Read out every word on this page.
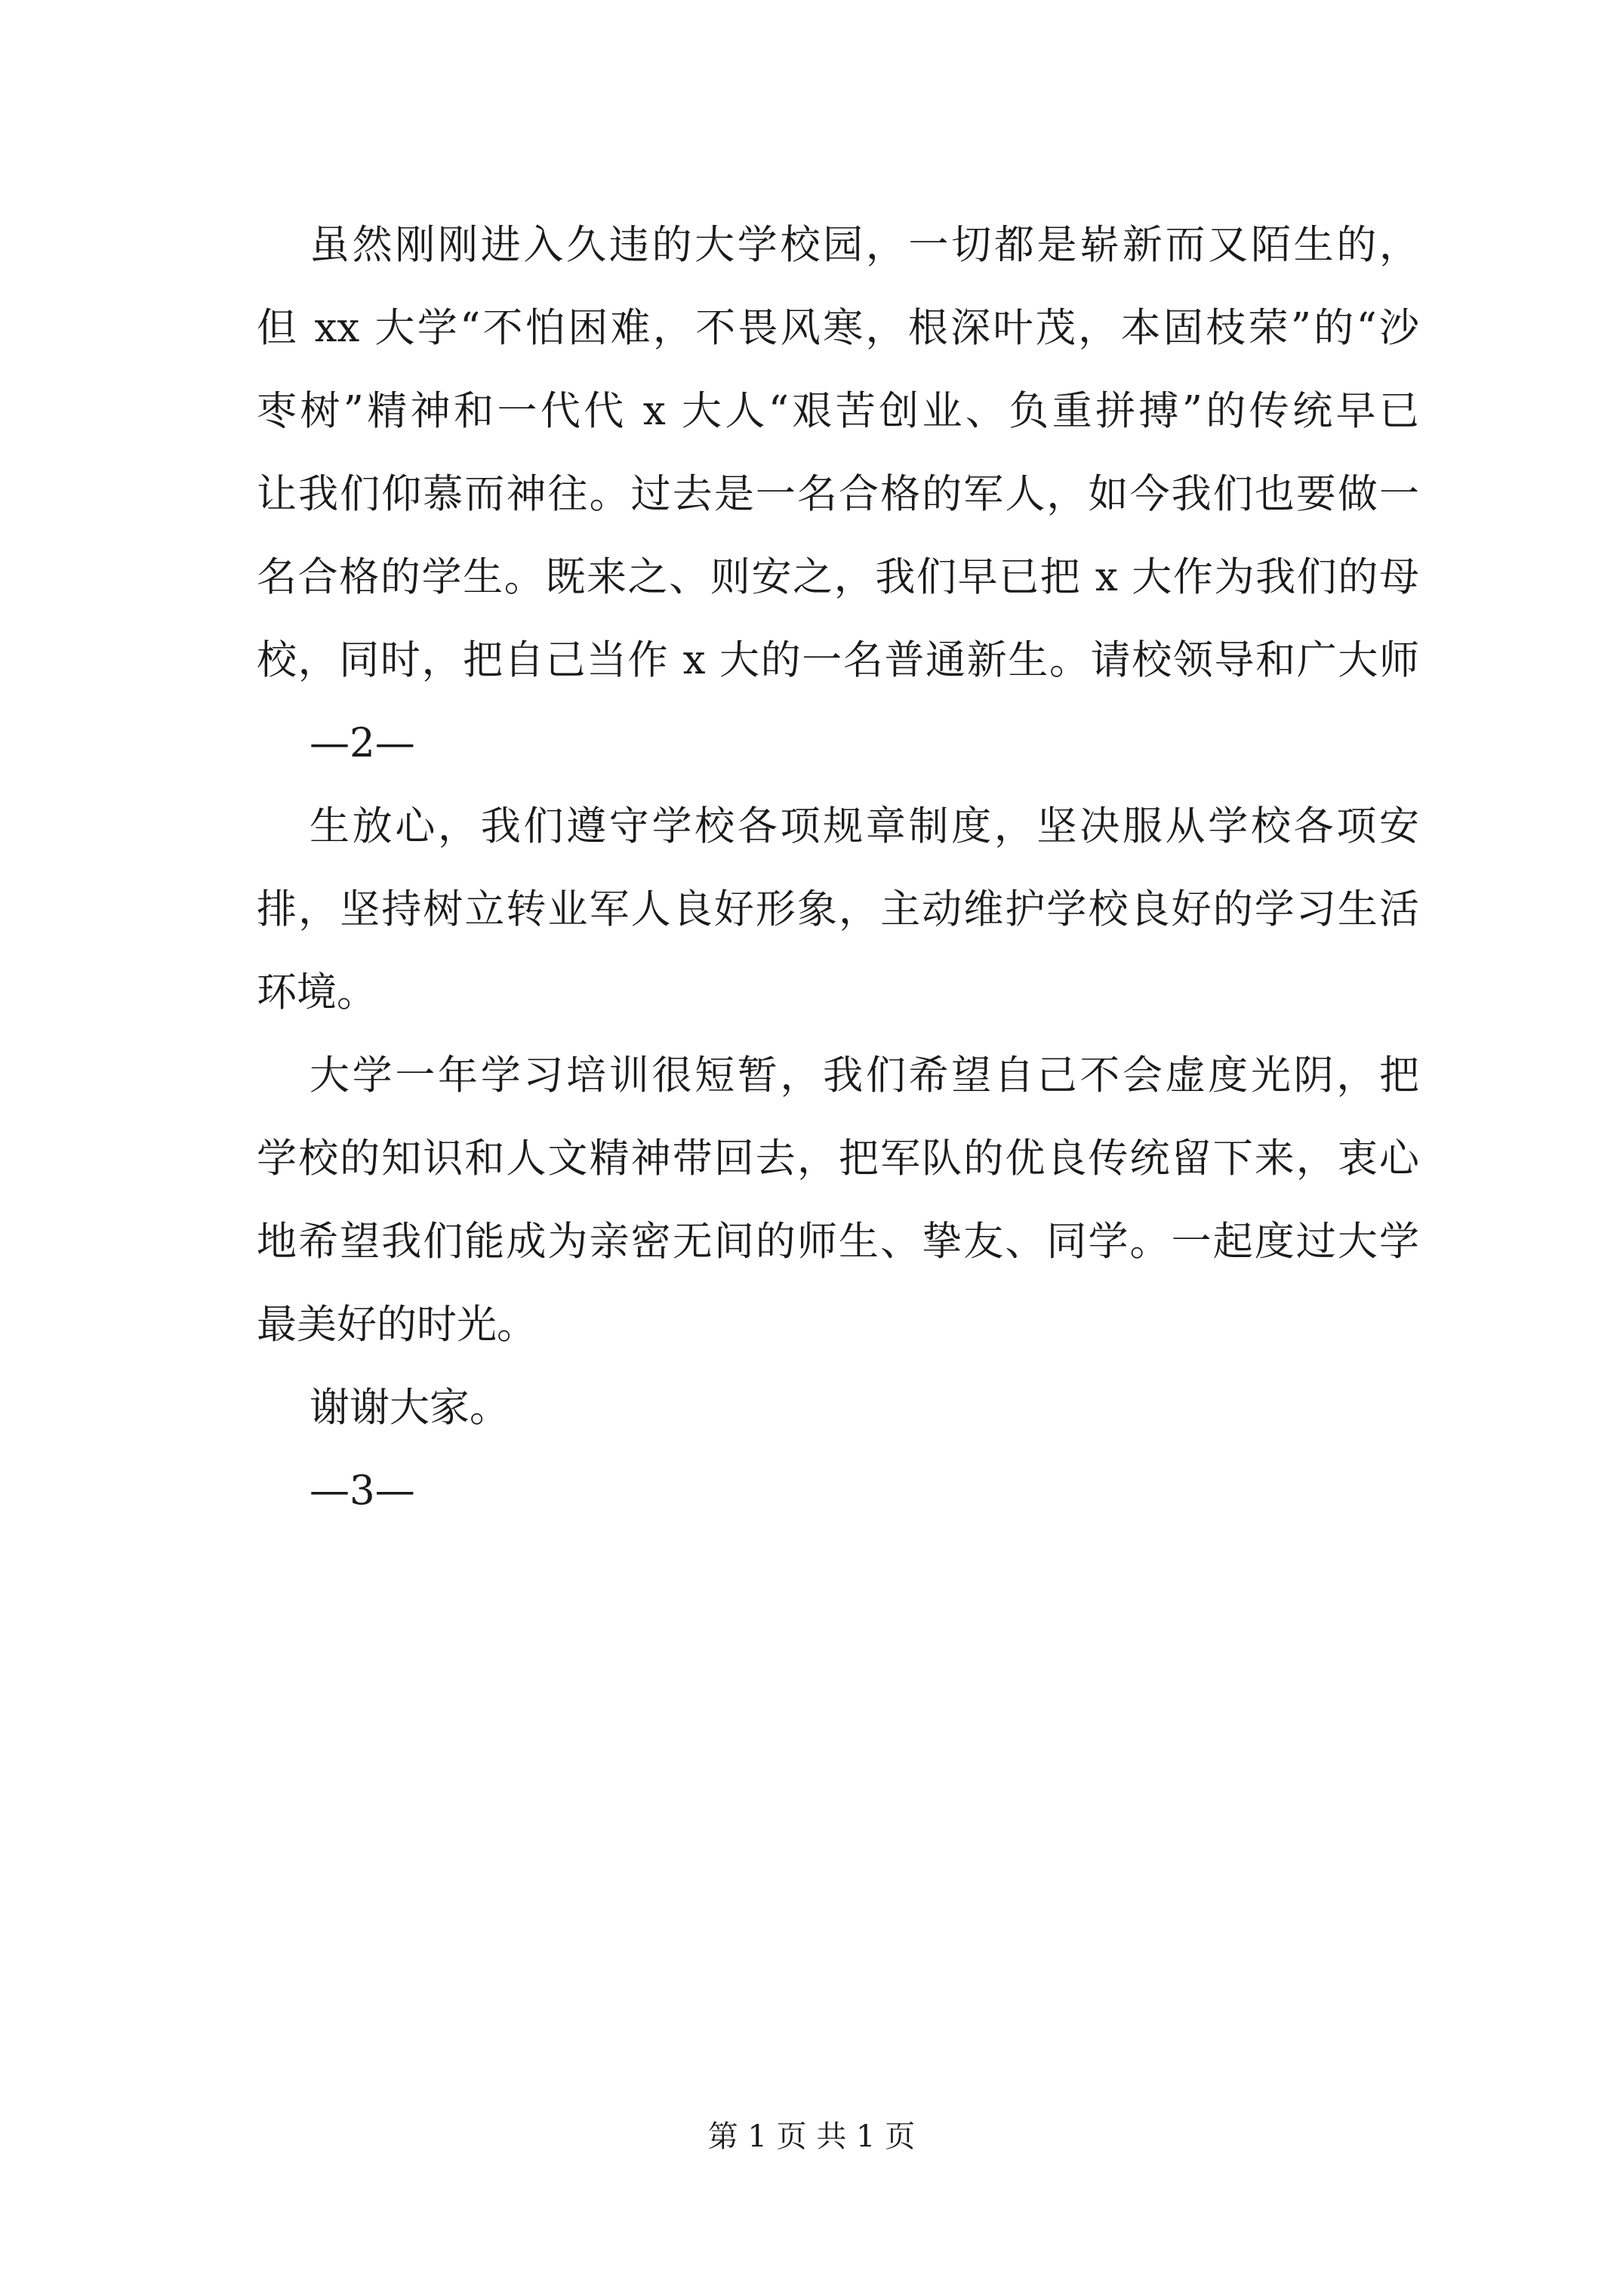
虽然刚刚进入久违的大学校园，一切都是崭新而又陌生的，
但 xx 大学“不怕困难，不畏风寒，根深叶茂，本固枝荣”的“沙
枣树”精神和一代代 x 大人“艰苦创业、负重拼搏”的传统早已
让我们仰慕而神往。过去是一名合格的军人，如今我们也要做一
名合格的学生。既来之、则安之，我们早已把 x 大作为我们的母
校，同时，把自己当作 x 大的一名普通新生。请校领导和广大师
—2—
生放心，我们遵守学校各项规章制度，坚决服从学校各项安
排，坚持树立转业军人良好形象，主动维护学校良好的学习生活
环境。
大学一年学习培训很短暂，我们希望自己不会虚度光阴，把
学校的知识和人文精神带回去，把军队的优良传统留下来，衷心
地希望我们能成为亲密无间的师生、挚友、同学。一起度过大学
最美好的时光。
谢谢大家。
—3—
第 1 页 共 1 页
